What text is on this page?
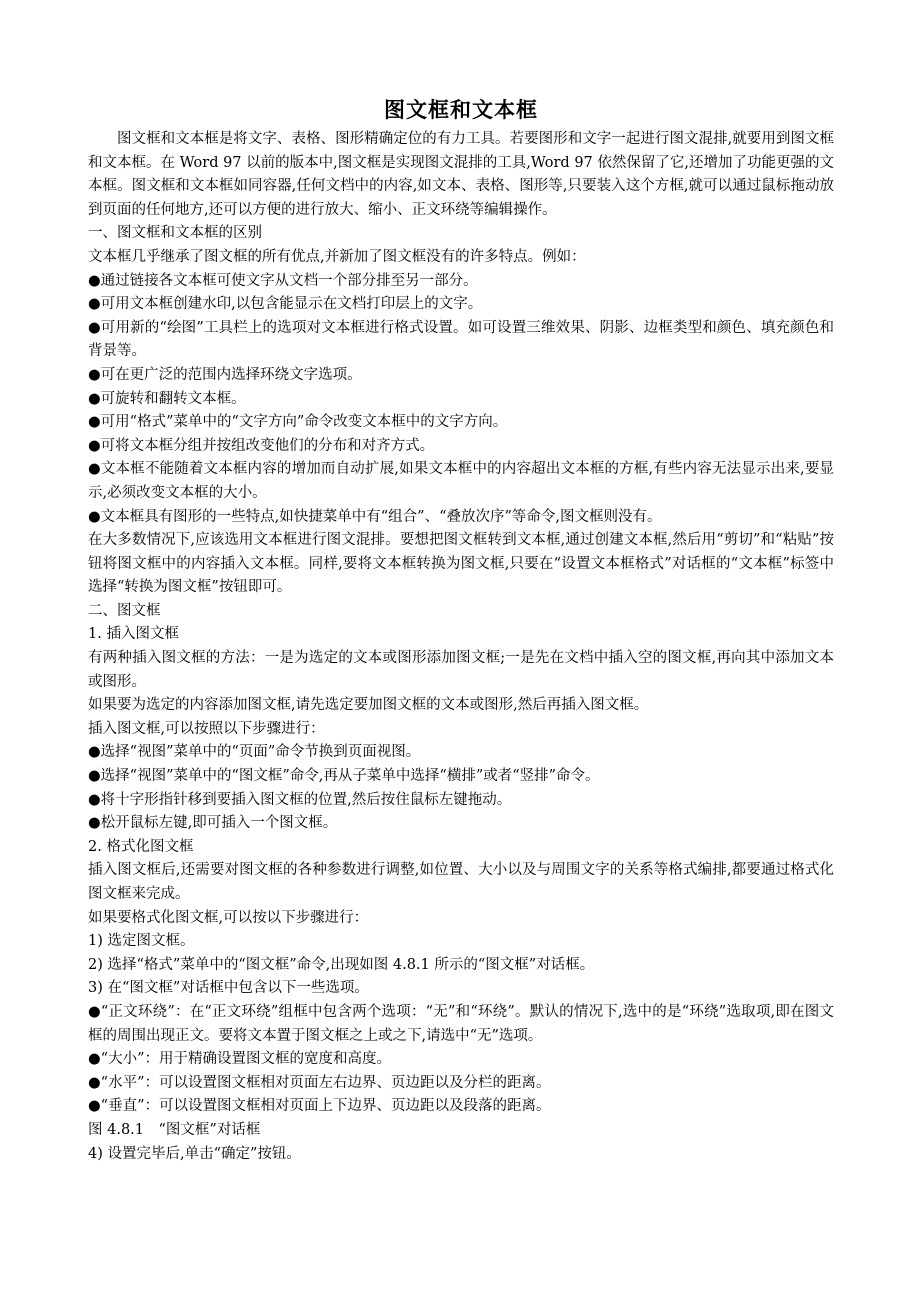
图文框和文本框

图文框和文本框是将文字、表格、图形精确定位的有力工具。若要图形和文字一起进行图文混排,就要用到图文框和文本框。在 Word 97 以前的版本中,图文框是实现图文混排的工具,Word 97 依然保留了它,还增加了功能更强的文本框。图文框和文本框如同容器,任何文档中的内容,如文本、表格、图形等,只要装入这个方框,就可以通过鼠标拖动放到页面的任何地方,还可以方便的进行放大、缩小、正文环绕等编辑操作。

一、图文框和文本框的区别

文本框几乎继承了图文框的所有优点,并新加了图文框没有的许多特点。例如：

●通过链接各文本框可使文字从文档一个部分排至另一部分。

●可用文本框创建水印,以包含能显示在文档打印层上的文字。

●可用新的“绘图”工具栏上的选项对文本框进行格式设置。如可设置三维效果、阴影、边框类型和颜色、填充颜色和背景等。

●可在更广泛的范围内选择环绕文字选项。

●可旋转和翻转文本框。

●可用“格式”菜单中的“文字方向”命令改变文本框中的文字方向。

●可将文本框分组并按组改变他们的分布和对齐方式。

●文本框不能随着文本框内容的增加而自动扩展,如果文本框中的内容超出文本框的方框,有些内容无法显示出来,要显示,必须改变文本框的大小。

●文本框具有图形的一些特点,如快捷菜单中有“组合”、“叠放次序”等命令,图文框则没有。

在大多数情况下,应该选用文本框进行图文混排。要想把图文框转到文本框,通过创建文本框,然后用“剪切”和“粘贴”按钮将图文框中的内容插入文本框。同样,要将文本框转换为图文框,只要在“设置文本框格式”对话框的“文本框”标签中选择“转换为图文框”按钮即可。

二、图文框

1. 插入图文框

有两种插入图文框的方法：一是为选定的文本或图形添加图文框;一是先在文档中插入空的图文框,再向其中添加文本或图形。

如果要为选定的内容添加图文框,请先选定要加图文框的文本或图形,然后再插入图文框。

插入图文框,可以按照以下步骤进行：

●选择“视图”菜单中的“页面”命令节换到页面视图。

●选择“视图”菜单中的“图文框”命令,再从子菜单中选择“横排”或者“竖排”命令。

●将十字形指针移到要插入图文框的位置,然后按住鼠标左键拖动。

●松开鼠标左键,即可插入一个图文框。

2. 格式化图文框

插入图文框后,还需要对图文框的各种参数进行调整,如位置、大小以及与周围文字的关系等格式编排,都要通过格式化图文框来完成。

如果要格式化图文框,可以按以下步骤进行：

1) 选定图文框。

2) 选择“格式”菜单中的“图文框”命令,出现如图 4.8.1 所示的“图文框”对话框。

3) 在“图文框”对话框中包含以下一些选项。

●“正文环绕”：在“正文环绕”组框中包含两个选项：“无”和“环绕”。默认的情况下,选中的是“环绕”选取项,即在图文框的周围出现正文。要将文本置于图文框之上或之下,请选中“无”选项。

●“大小”：用于精确设置图文框的宽度和高度。

●“水平”：可以设置图文框相对页面左右边界、页边距以及分栏的距离。

●“垂直”：可以设置图文框相对页面上下边界、页边距以及段落的距离。

图 4.8.1　“图文框”对话框

4) 设置完毕后,单击“确定”按钮。
